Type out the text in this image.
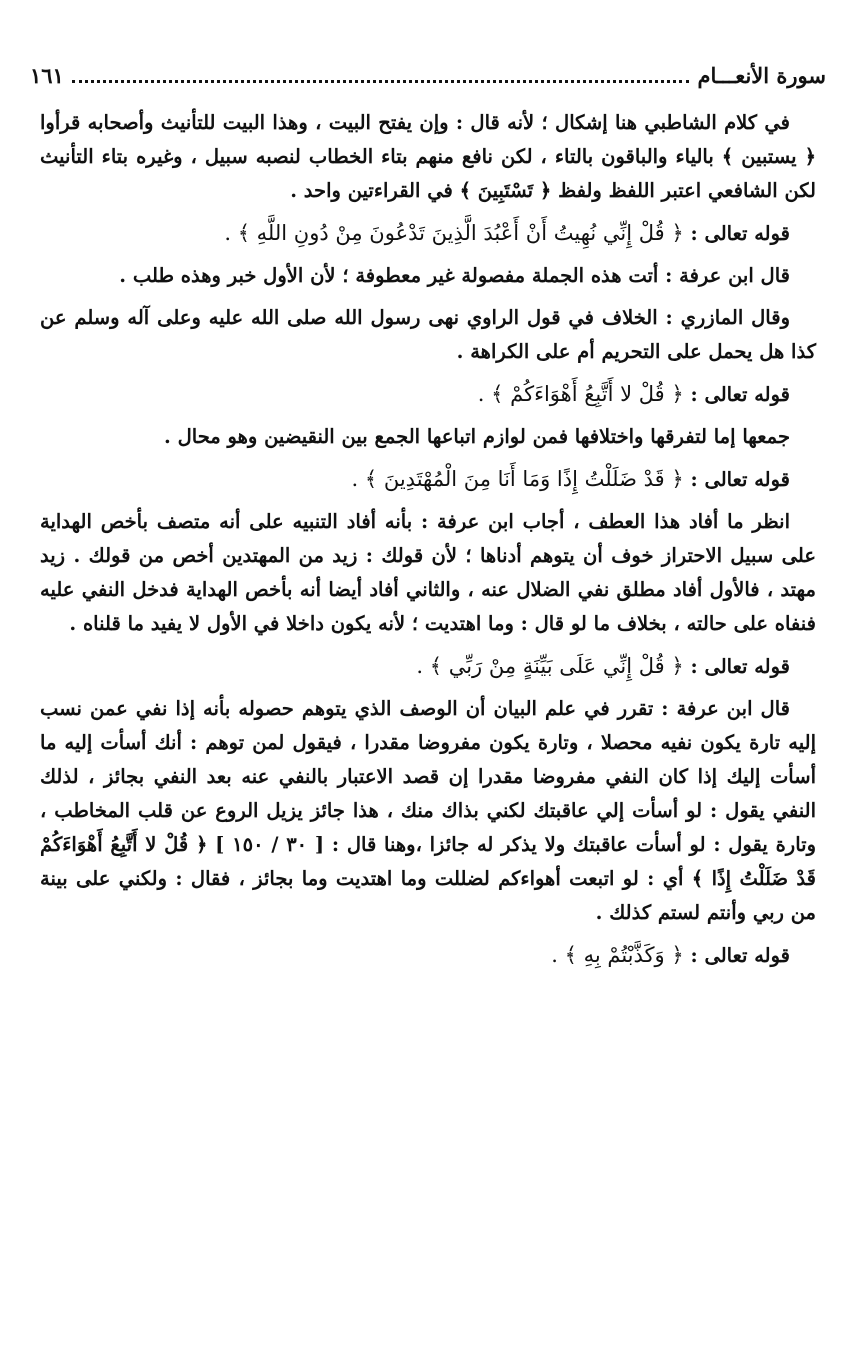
سورة الأنعـــام
١٦١

في كلام الشاطبي هنا إشكال ؛ لأنه قال : وإن يفتح البيت ، وهذا البيت للتأنيث وأصحابه قرأوا ﴿ يستبين ﴾ بالياء والباقون بالتاء ، لكن نافع منهم بتاء الخطاب لنصبه سبيل ، وغيره بتاء التأنيث لكن الشافعي اعتبر اللفظ ولفظ ﴿ تَسْتَبِينَ ﴾ في القراءتين واحد .

قوله تعالى : ﴿ قُلْ إِنِّي نُهِيتُ أَنْ أَعْبُدَ الَّذِينَ تَدْعُونَ مِنْ دُونِ اللَّهِ ﴾ .

قال ابن عرفة : أتت هذه الجملة مفصولة غير معطوفة ؛ لأن الأول خبر وهذه طلب .

وقال المازري : الخلاف في قول الراوي نهى رسول الله صلى الله عليه وعلى آله وسلم عن كذا هل يحمل على التحريم أم على الكراهة .

قوله تعالى : ﴿ قُلْ لا أَتَّبِعُ أَهْوَاءَكُمْ ﴾ .

جمعها إما لتفرقها واختلافها فمن لوازم اتباعها الجمع بين النقيضين وهو محال .

قوله تعالى : ﴿ قَدْ ضَلَلْتُ إِذًا وَمَا أَنَا مِنَ الْمُهْتَدِينَ ﴾ .

انظر ما أفاد هذا العطف ، أجاب ابن عرفة : بأنه أفاد التنبيه على أنه متصف بأخص الهداية على سبيل الاحتراز خوف أن يتوهم أدناها ؛ لأن قولك : زيد من المهتدين أخص من قولك . زيد مهتد ، فالأول أفاد مطلق نفي الضلال عنه ، والثاني أفاد أيضا أنه بأخص الهداية فدخل النفي عليه فنفاه على حالته ، بخلاف ما لو قال : وما اهتديت ؛ لأنه يكون داخلا في الأول لا يفيد ما قلناه .

قوله تعالى : ﴿ قُلْ إِنِّي عَلَى بَيِّنَةٍ مِنْ رَبِّي ﴾ .

قال ابن عرفة : تقرر في علم البيان أن الوصف الذي يتوهم حصوله بأنه إذا نفي عمن نسب إليه تارة يكون نفيه محصلا ، وتارة يكون مفروضا مقدرا ، فيقول لمن توهم : أنك أسأت إليه ما أسأت إليك إذا كان النفي مفروضا مقدرا إن قصد الاعتبار بالنفي عنه بعد النفي بجائز ، لذلك النفي يقول : لو أسأت إلي عاقبتك لكني بذاك منك ، هذا جائز يزيل الروع عن قلب المخاطب ، وتارة يقول : لو أسأت عاقبتك ولا يذكر له جائزا ،وهنا قال : [ ٣٠ / ١٥٠ ] ﴿ قُلْ لا أَتَّبِعُ أَهْوَاءَكُمْ قَدْ ضَلَلْتُ إِذًا ﴾ أي : لو اتبعت أهواءكم لضللت وما اهتديت وما بجائز ، فقال : ولكني على بينة من ربي وأنتم لستم كذلك .

قوله تعالى : ﴿ وَكَذَّبْتُمْ بِهِ ﴾ .
